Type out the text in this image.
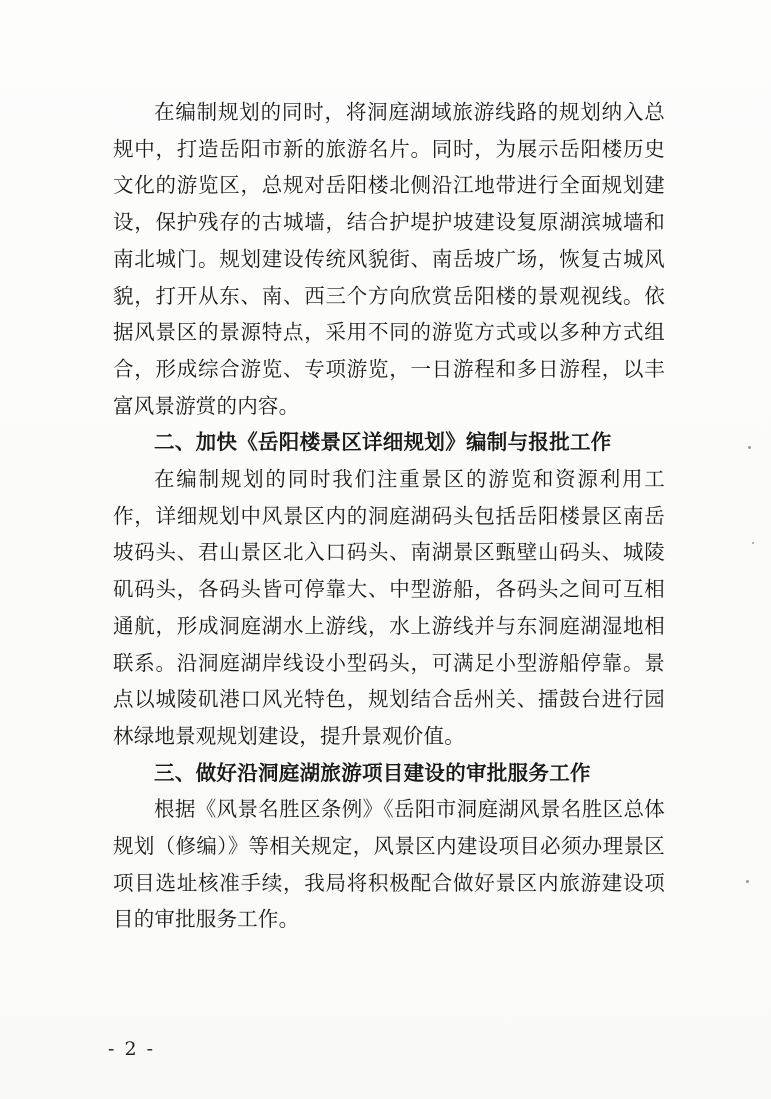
在编制规划的同时，将洞庭湖域旅游线路的规划纳入总规中，打造岳阳市新的旅游名片。同时，为展示岳阳楼历史文化的游览区，总规对岳阳楼北侧沿江地带进行全面规划建设，保护残存的古城墙，结合护堤护坡建设复原湖滨城墙和南北城门。规划建设传统风貌街、南岳坡广场，恢复古城风貌，打开从东、南、西三个方向欣赏岳阳楼的景观视线。依据风景区的景源特点，采用不同的游览方式或以多种方式组合，形成综合游览、专项游览，一日游程和多日游程，以丰富风景游赏的内容。

二、加快《岳阳楼景区详细规划》编制与报批工作

在编制规划的同时我们注重景区的游览和资源利用工作，详细规划中风景区内的洞庭湖码头包括岳阳楼景区南岳坡码头、君山景区北入口码头、南湖景区甄壁山码头、城陵矶码头，各码头皆可停靠大、中型游船，各码头之间可互相通航，形成洞庭湖水上游线，水上游线并与东洞庭湖湿地相联系。沿洞庭湖岸线设小型码头，可满足小型游船停靠。景点以城陵矶港口风光特色，规划结合岳州关、擂鼓台进行园林绿地景观规划建设，提升景观价值。

三、做好沿洞庭湖旅游项目建设的审批服务工作

根据《风景名胜区条例》《岳阳市洞庭湖风景名胜区总体规划（修编）》等相关规定，风景区内建设项目必须办理景区项目选址核准手续，我局将积极配合做好景区内旅游建设项目的审批服务工作。

- 2 -
